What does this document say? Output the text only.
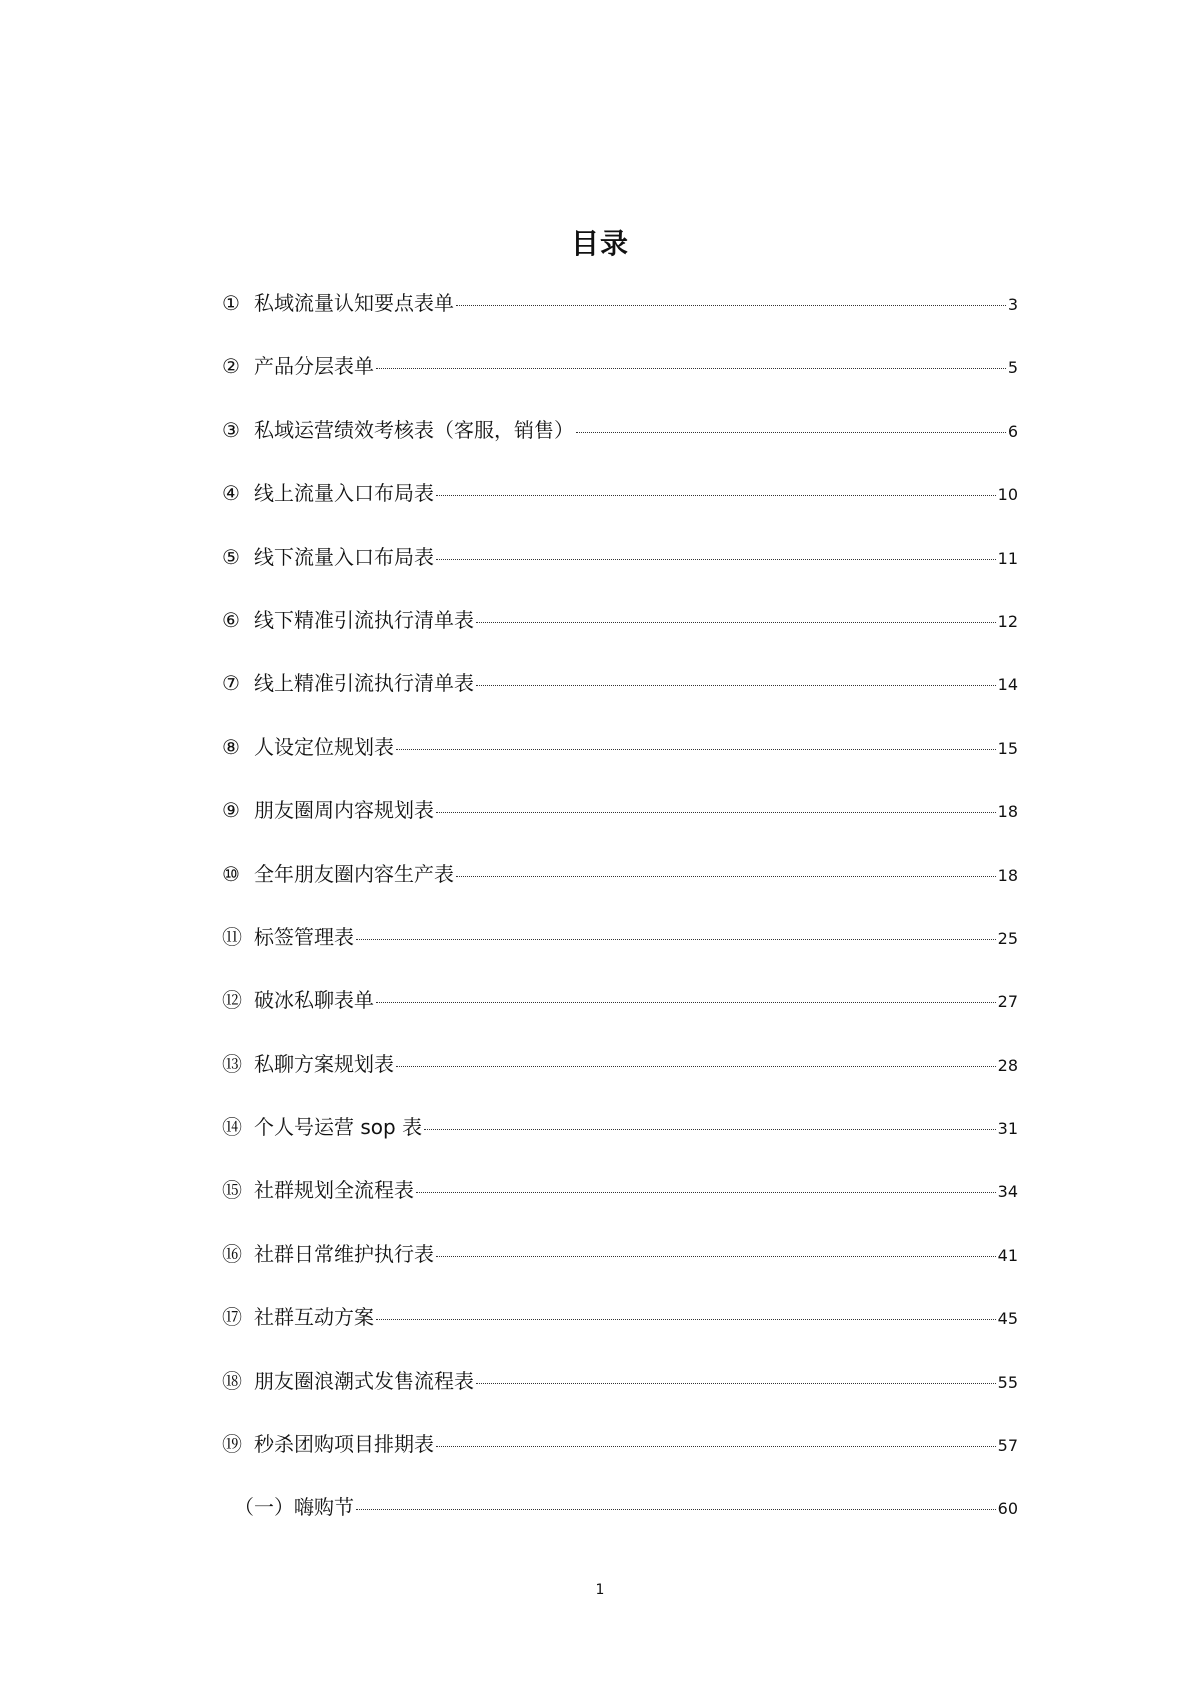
目录
① 私域流量认知要点表单	3
② 产品分层表单	5
③ 私域运营绩效考核表（客服，销售）	6
④ 线上流量入口布局表	10
⑤ 线下流量入口布局表	11
⑥ 线下精准引流执行清单表	12
⑦ 线上精准引流执行清单表	14
⑧ 人设定位规划表	15
⑨ 朋友圈周内容规划表	18
⑩ 全年朋友圈内容生产表	18
⑪ 标签管理表	25
⑫ 破冰私聊表单	27
⑬ 私聊方案规划表	28
⑭ 个人号运营 sop 表	31
⑮ 社群规划全流程表	34
⑯ 社群日常维护执行表	41
⑰ 社群互动方案	45
⑱ 朋友圈浪潮式发售流程表	55
⑲ 秒杀团购项目排期表	57
（一） 嗨购节	60
1
